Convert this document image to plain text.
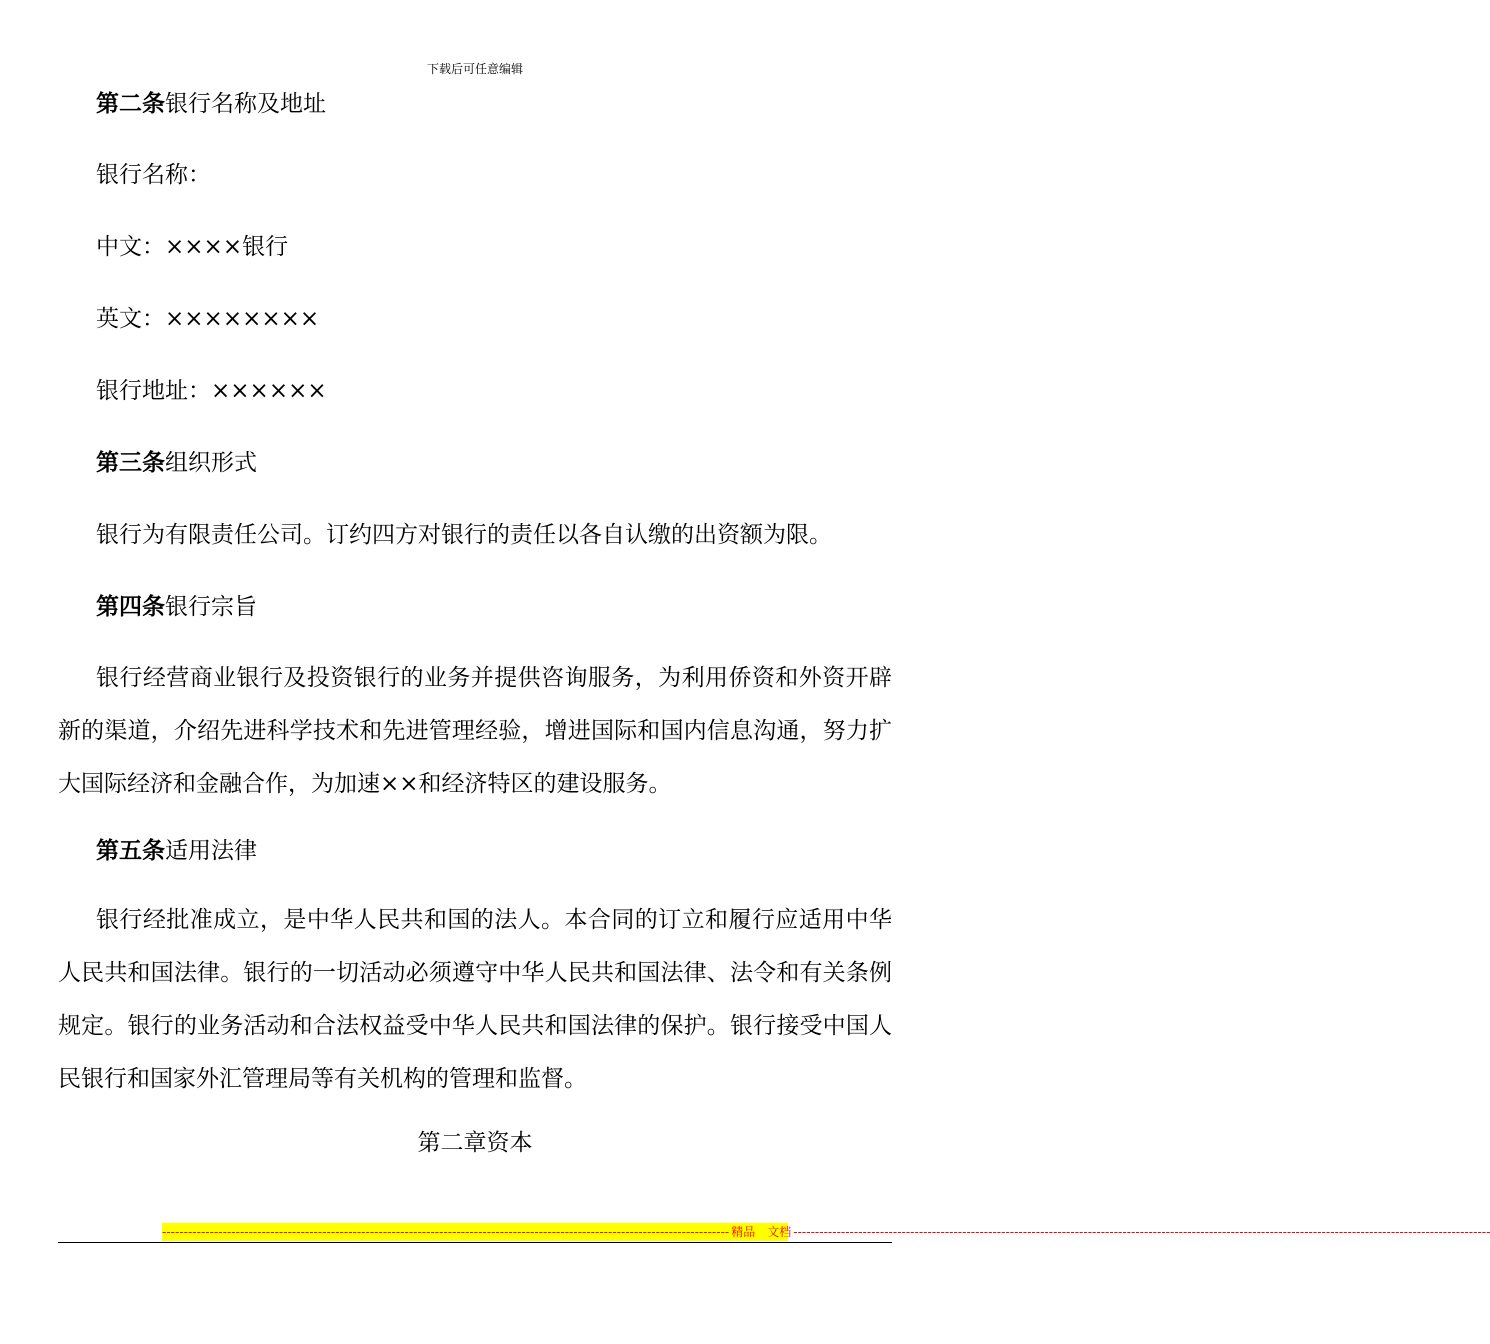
下载后可任意编辑
第二条银行名称及地址
银行名称：
中文：××××银行
英文：××××××××
银行地址：××××××
第三条组织形式
银行为有限责任公司。订约四方对银行的责任以各自认缴的出资额为限。
第四条银行宗旨
银行经营商业银行及投资银行的业务并提供咨询服务，为利用侨资和外资开辟新的渠道，介绍先进科学技术和先进管理经验，增进国际和国内信息沟通，努力扩大国际经济和金融合作，为加速××和经济特区的建设服务。
第五条适用法律
银行经批准成立，是中华人民共和国的法人。本合同的订立和履行应适用中华人民共和国法律。银行的一切活动必须遵守中华人民共和国法律、法令和有关条例规定。银行的业务活动和合法权益受中华人民共和国法律的保护。银行接受中国人民银行和国家外汇管理局等有关机构的管理和监督。
第二章资本
----------------------------------------------------------------------------------------------------------------------------------- 精品　文档 -----------------------------------------------------------------------------------------------------------------------------------------------------------------
